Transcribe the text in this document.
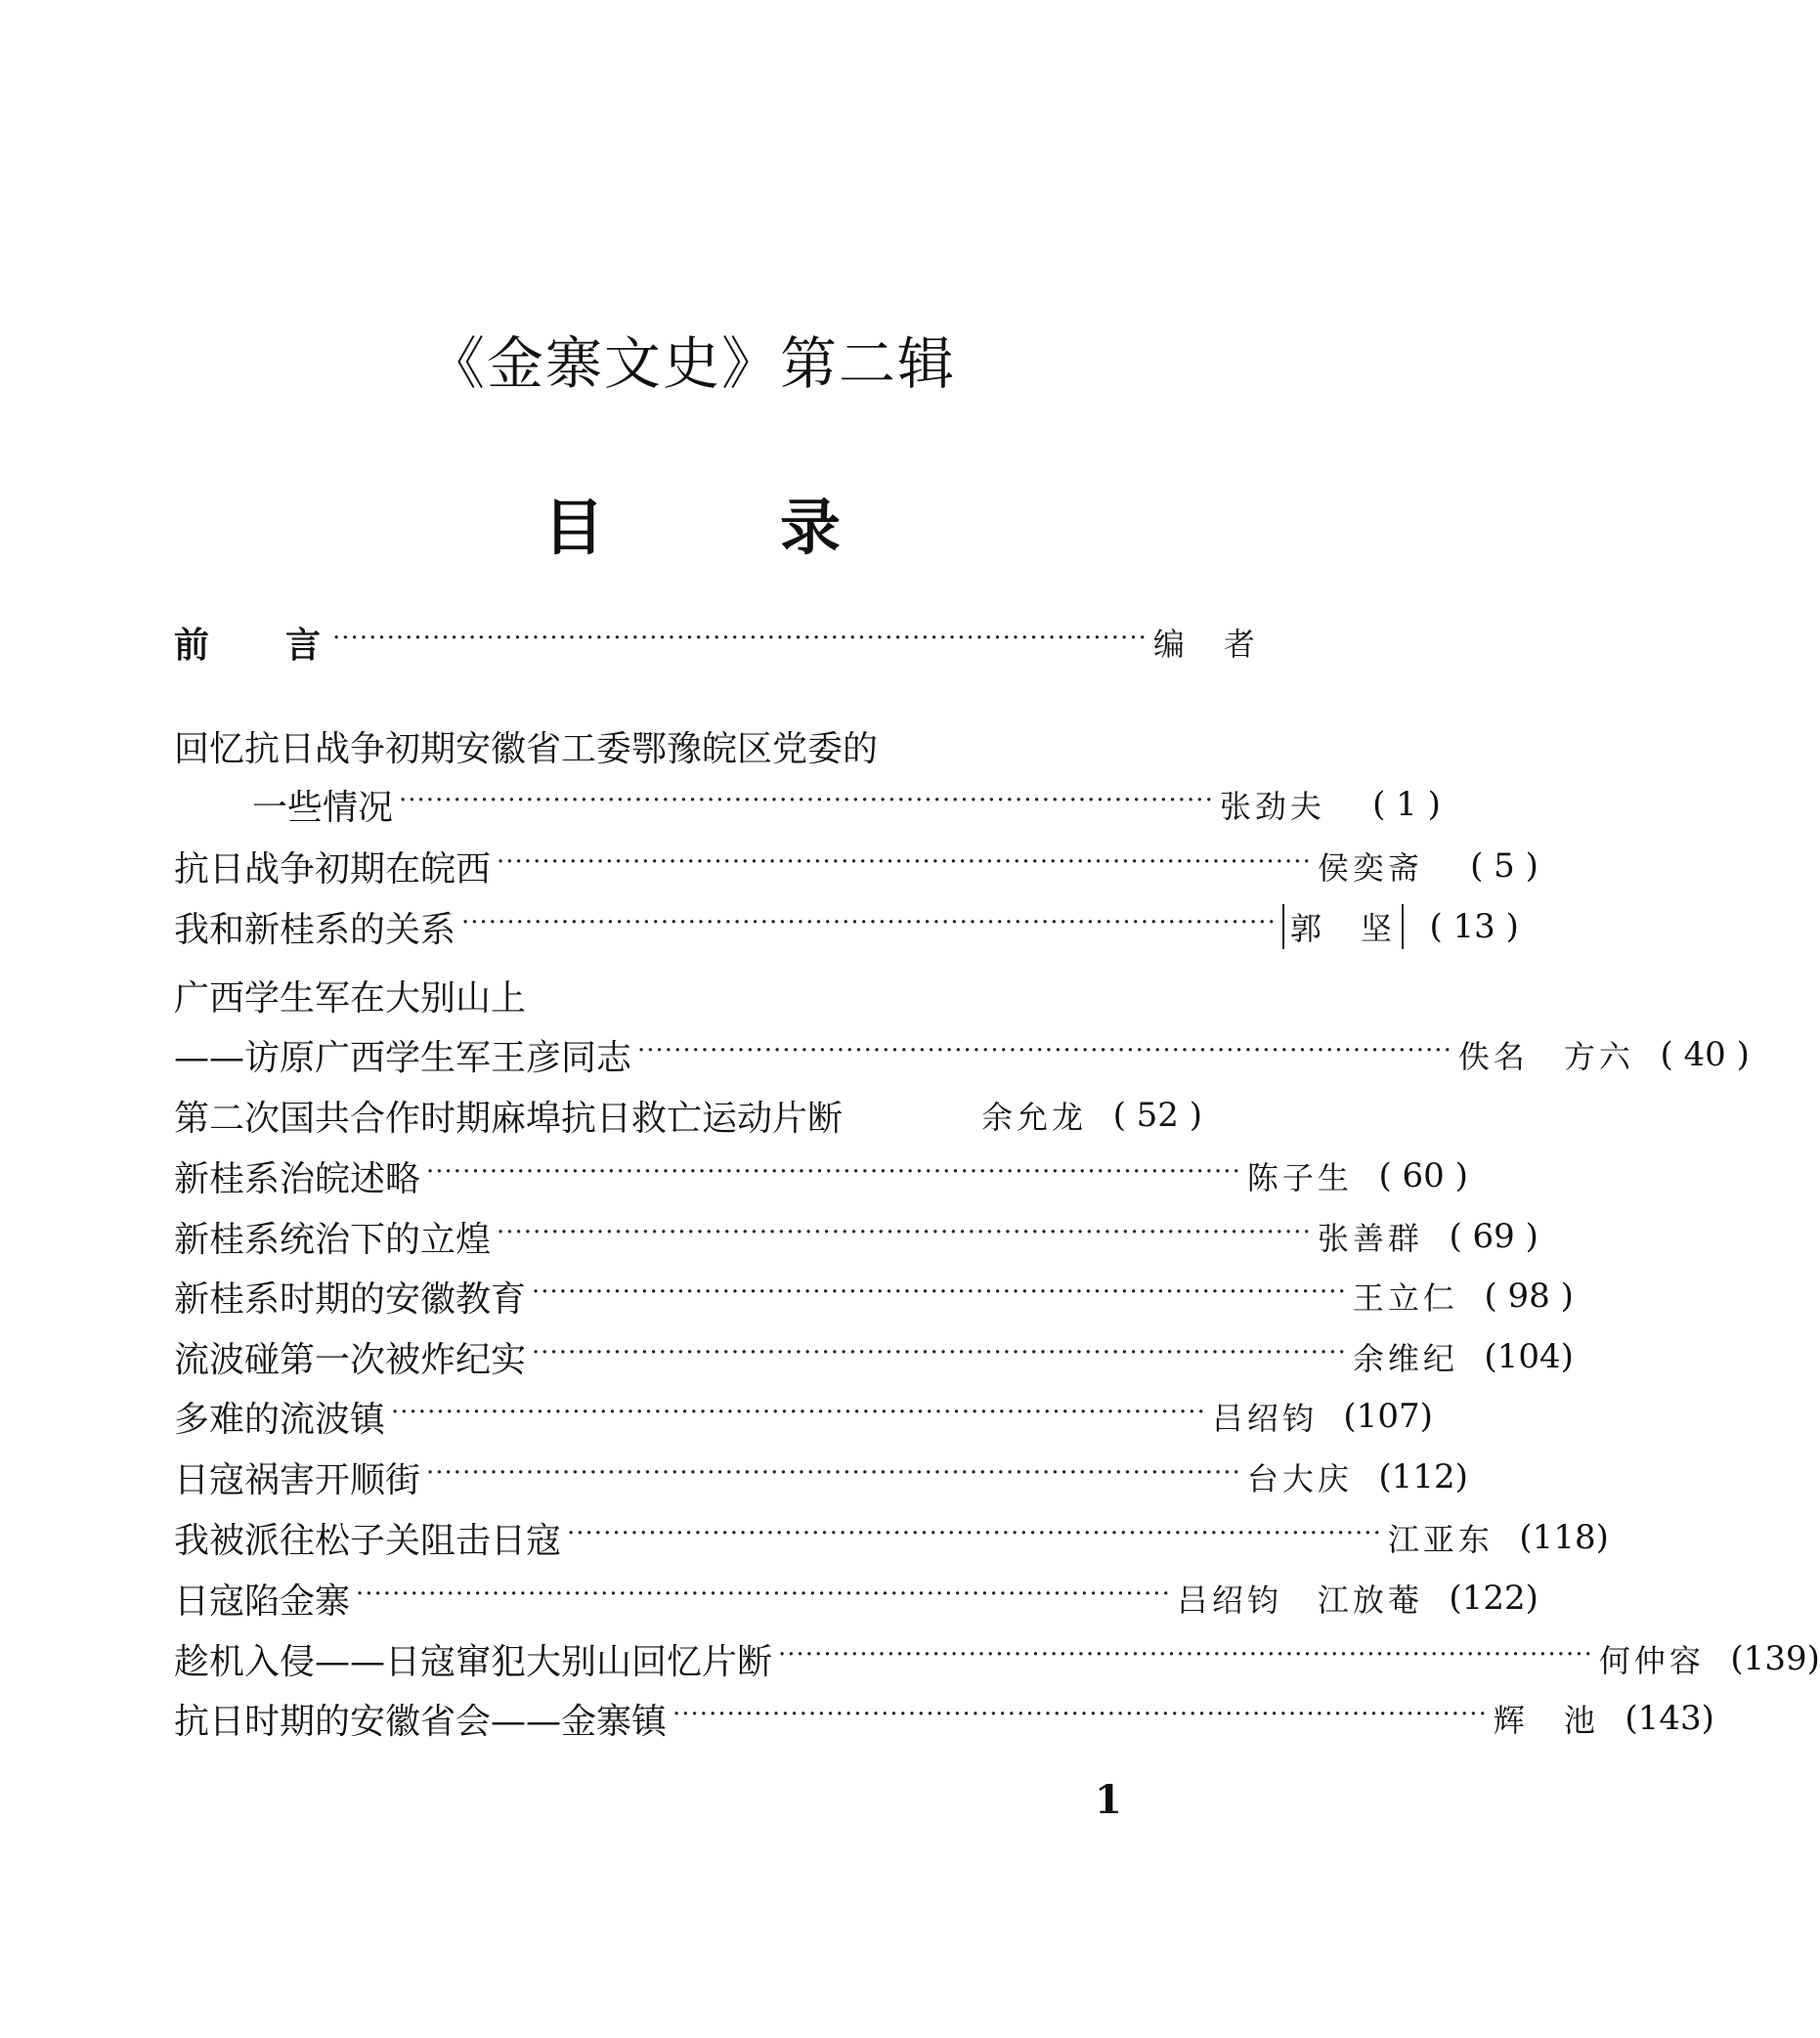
《金寨文史》第二辑
目	录
前 言 ·························································································· 编　者
回忆抗日战争初期安徽省工委鄂豫皖区党委的
一些情况 ·························································································· 张劲夫	( 1 )
抗日战争初期在皖西 ·························································································· 侯奕斋	( 5 )
我和新桂系的关系 ·························································································· 郭　坚	( 13 )
广西学生军在大别山上
——访原广西学生军王彦同志 ·························································································· 佚名　方六 ( 40 )
第二次国共合作时期麻埠抗日救亡运动片断	余允龙 ( 52 )
新桂系治皖述略 ·························································································· 陈子生 ( 60 )
新桂系统治下的立煌 ·························································································· 张善群 ( 69 )
新桂系时期的安徽教育 ·························································································· 王立仁 ( 98 )
流波碰第一次被炸纪实 ·························································································· 余维纪 (104)
多难的流波镇 ·························································································· 吕绍钧 (107)
日寇祸害开顺街 ·························································································· 台大庆 (112)
我被派往松子关阻击日寇 ·························································································· 江亚东 (118)
日寇陷金寨 ·························································································· 吕绍钧　江放菴 (122)
趁机入侵——日寇窜犯大别山回忆片断 ·························································································· 何仲容 (139)
抗日时期的安徽省会——金寨镇 ·························································································· 辉　池 (143)
1
